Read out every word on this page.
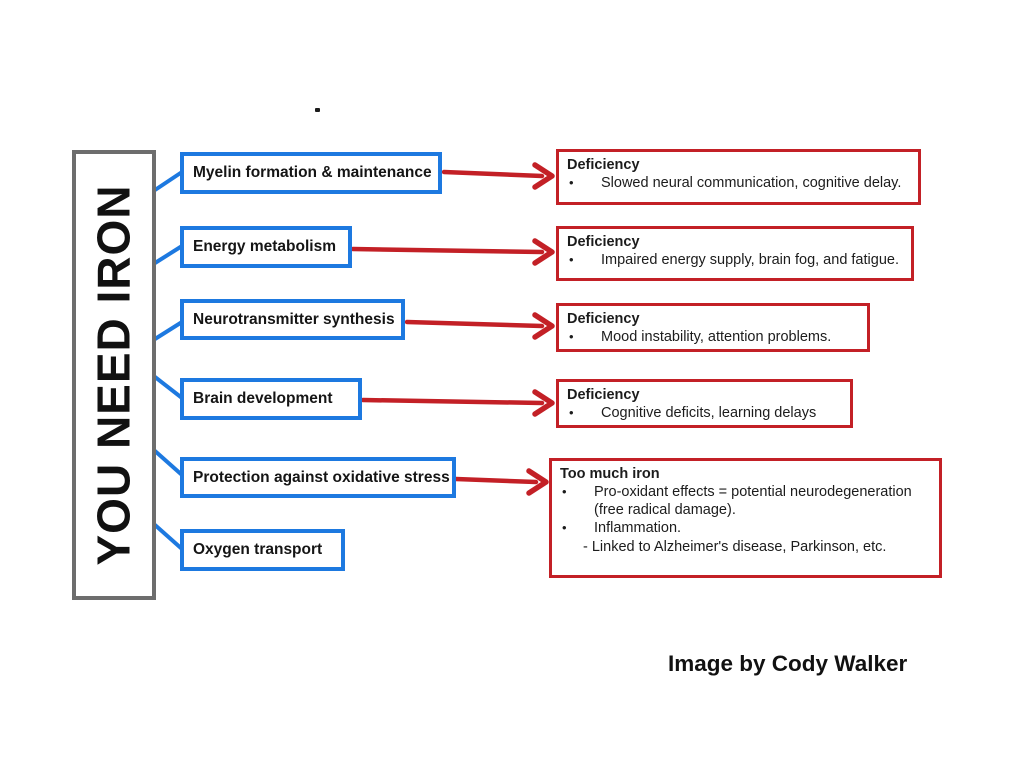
YOU NEED IRON
Myelin formation & maintenance
Energy metabolism
Neurotransmitter synthesis
Brain development
Protection against oxidative stress
Oxygen transport
Deficiency
•	Slowed neural communication, cognitive delay.
Deficiency
•	Impaired energy supply, brain fog, and fatigue.
Deficiency
•	Mood instability, attention problems.
Deficiency
•	Cognitive deficits, learning delays
Too much iron
•	Pro-oxidant effects = potential neurodegeneration (free radical damage).
•	Inflammation.
- Linked to Alzheimer's disease, Parkinson, etc.
Image by Cody Walker
